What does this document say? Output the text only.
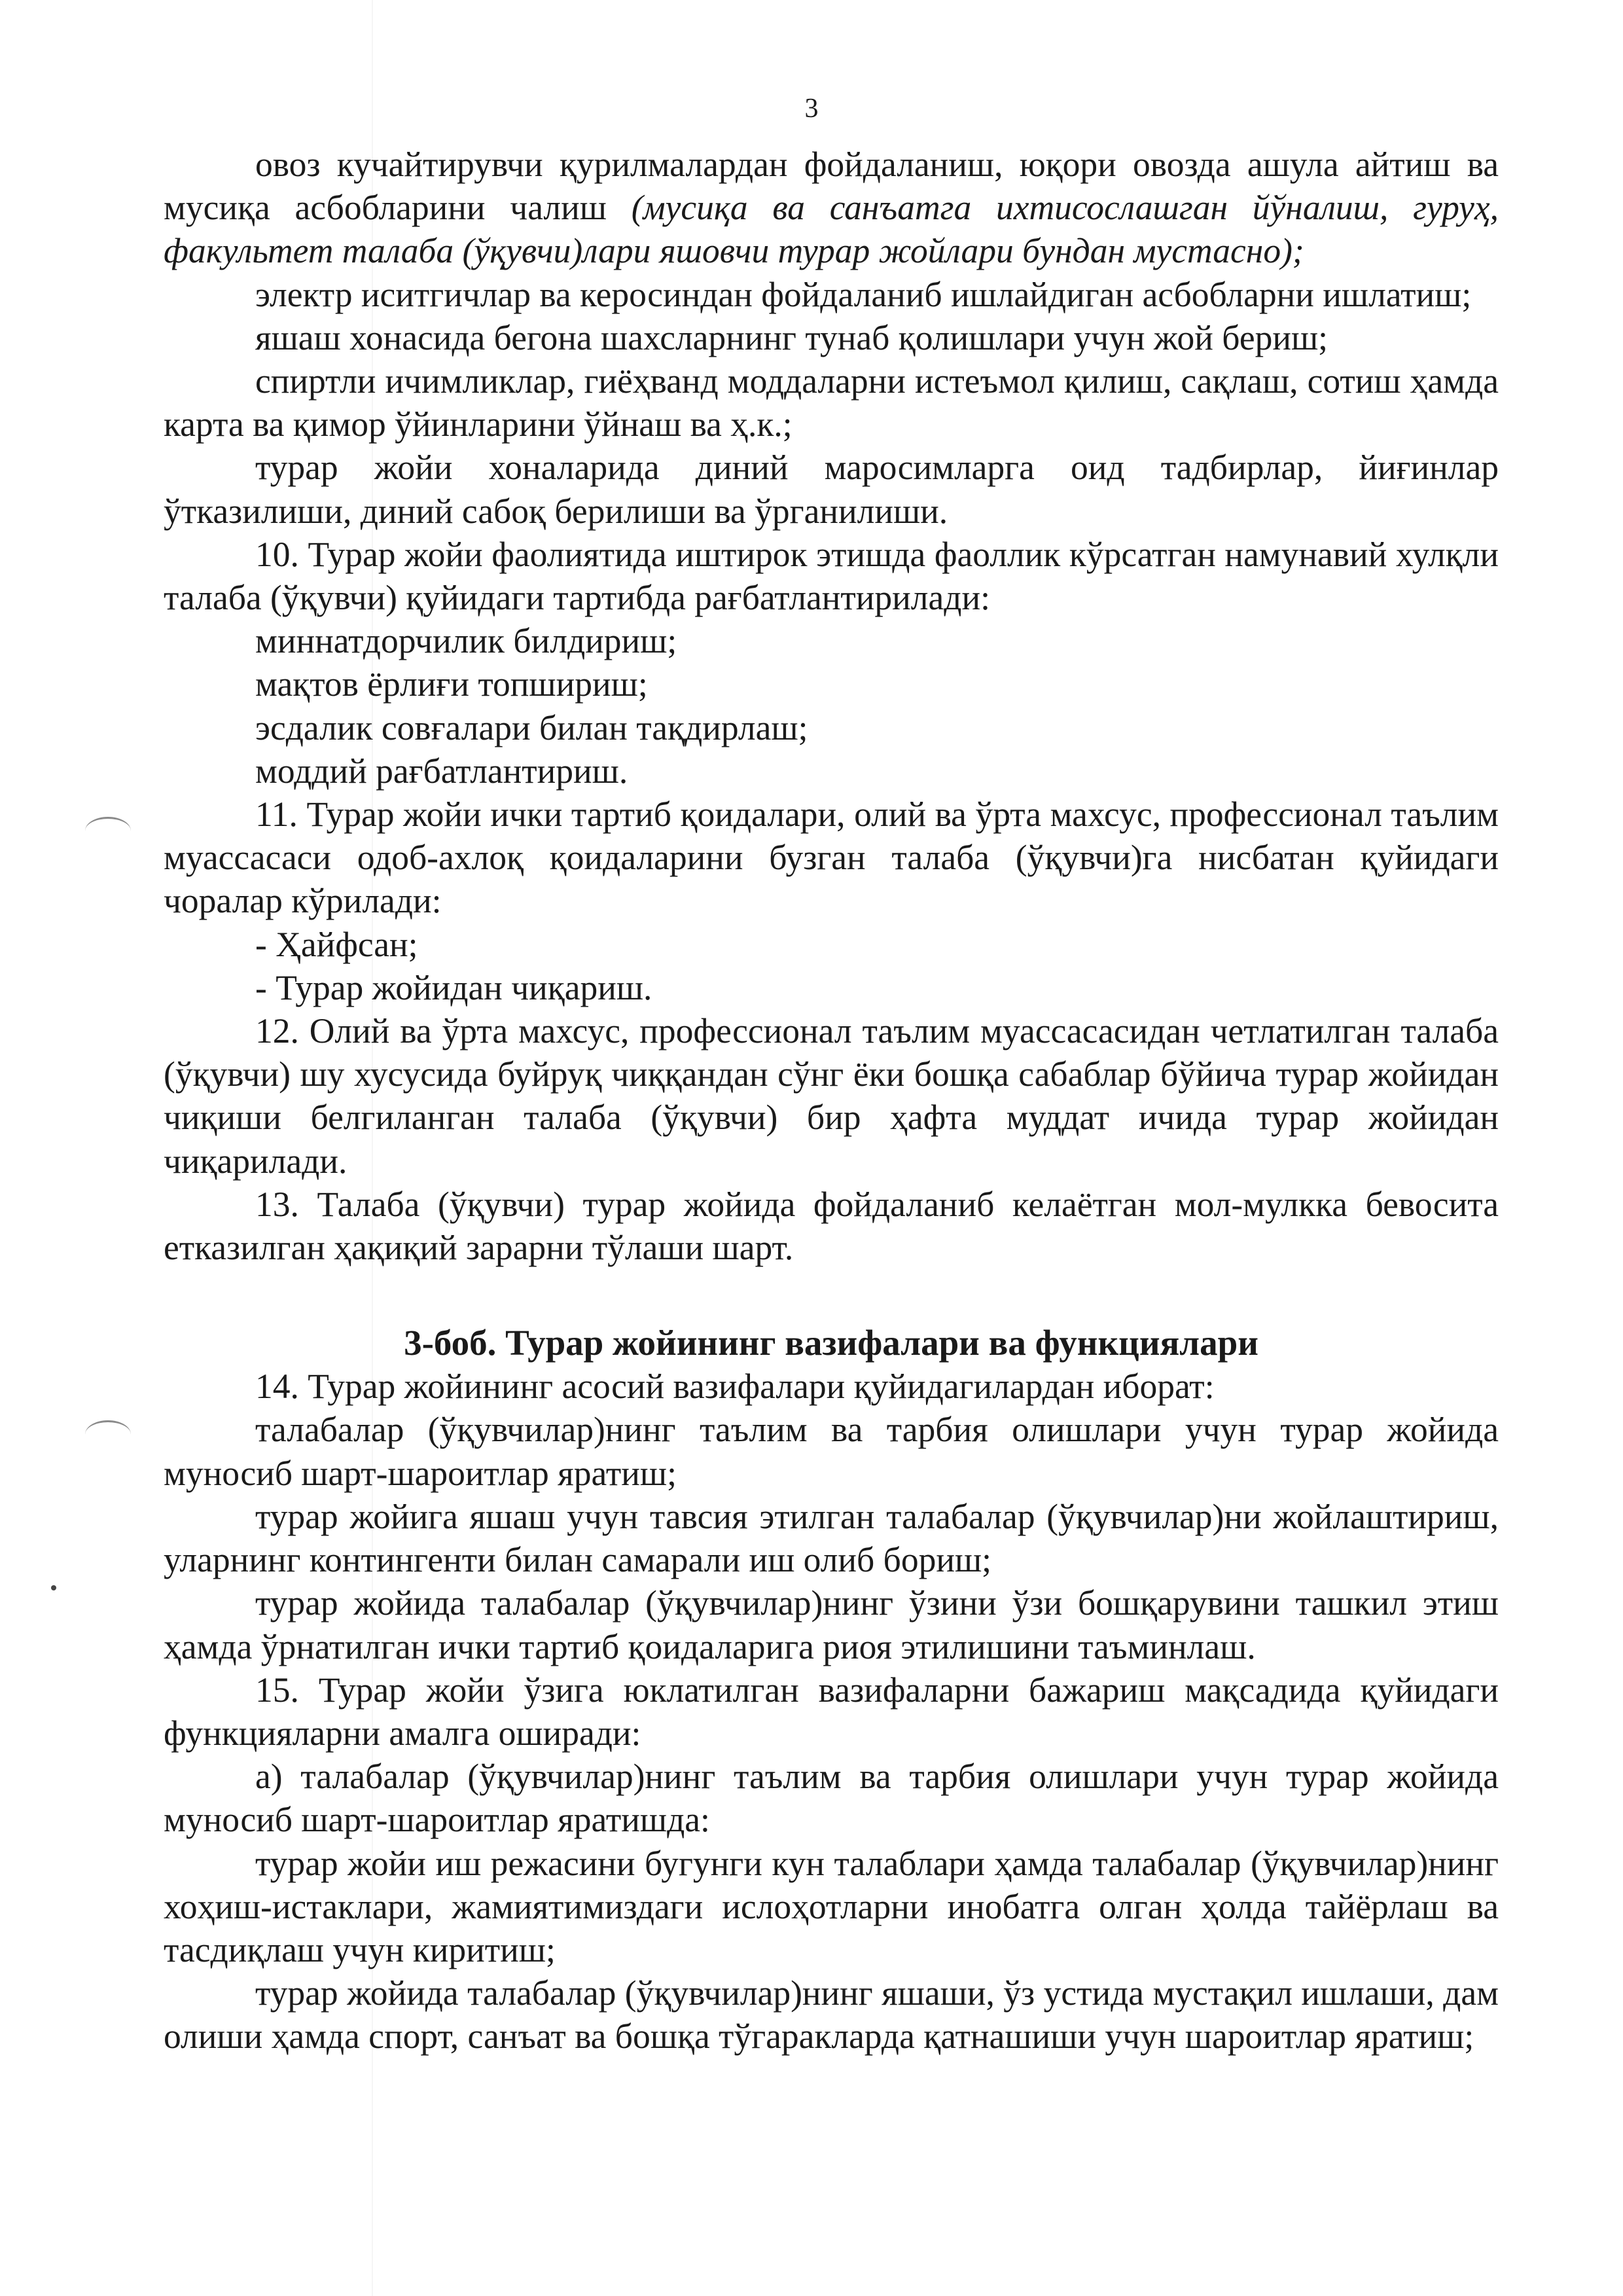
3

овоз кучайтирувчи қурилмалардан фойдаланиш, юқори овозда ашула айтиш ва мусиқа асбобларини чалиш (мусиқа ва санъатга ихтисослашган йўналиш, гуруҳ, факультет талаба (ўқувчи)лари яшовчи турар жойлари бундан мустасно);

электр иситгичлар ва керосиндан фойдаланиб ишлайдиган асбобларни ишлатиш;

яшаш хонасида бегона шахсларнинг тунаб қолишлари учун жой бериш;

спиртли ичимликлар, гиёҳванд моддаларни истеъмол қилиш, сақлаш, сотиш ҳамда карта ва қимор ўйинларини ўйнаш ва ҳ.к.;

турар жойи хоналарида диний маросимларга оид тадбирлар, йиғинлар ўтказилиши, диний сабоқ берилиши ва ўрганилиши.

10. Турар жойи фаолиятида иштирок этишда фаоллик кўрсатган намунавий хулқли талаба (ўқувчи) қуйидаги тартибда рағбатлантирилади:

миннатдорчилик билдириш;

мақтов ёрлиғи топшириш;

эсдалик совғалари билан тақдирлаш;

моддий рағбатлантириш.

11. Турар жойи ички тартиб қоидалари, олий ва ўрта махсус, профессионал таълим муассасаси одоб-ахлоқ қоидаларини бузган талаба (ўқувчи)га нисбатан қуйидаги чоралар кўрилади:

- Ҳайфсан;

- Турар жойидан чиқариш.

12. Олий ва ўрта махсус, профессионал таълим муассасасидан четлатилган талаба (ўқувчи) шу хусусида буйруқ чиққандан сўнг ёки бошқа сабаблар бўйича турар жойидан чиқиши белгиланган талаба (ўқувчи) бир ҳафта муддат ичида турар жойидан чиқарилади.

13. Талаба (ўқувчи) турар жойида фойдаланиб келаётган мол-мулкка бевосита етказилган ҳақиқий зарарни тўлаши шарт.

3-боб. Турар жойининг вазифалари ва функциялари

14. Турар жойининг асосий вазифалари қуйидагилардан иборат:

талабалар (ўқувчилар)нинг таълим ва тарбия олишлари учун турар жойида муносиб шарт-шароитлар яратиш;

турар жойига яшаш учун тавсия этилган талабалар (ўқувчилар)ни жойлаштириш, уларнинг контингенти билан самарали иш олиб бориш;

турар жойида талабалар (ўқувчилар)нинг ўзини ўзи бошқарувини ташкил этиш ҳамда ўрнатилган ички тартиб қоидаларига риоя этилишини таъминлаш.

15. Турар жойи ўзига юклатилган вазифаларни бажариш мақсадида қуйидаги функцияларни амалга оширади:

а) талабалар (ўқувчилар)нинг таълим ва тарбия олишлари учун турар жойида муносиб шарт-шароитлар яратишда:

турар жойи иш режасини бугунги кун талаблари ҳамда талабалар (ўқувчилар)нинг хоҳиш-истаклари, жамиятимиздаги ислоҳотларни инобатга олган ҳолда тайёрлаш ва тасдиқлаш учун киритиш;

турар жойида талабалар (ўқувчилар)нинг яшаши, ўз устида мустақил ишлаши, дам олиши ҳамда спорт, санъат ва бошқа тўгаракларда қатнашиши учун шароитлар яратиш;
